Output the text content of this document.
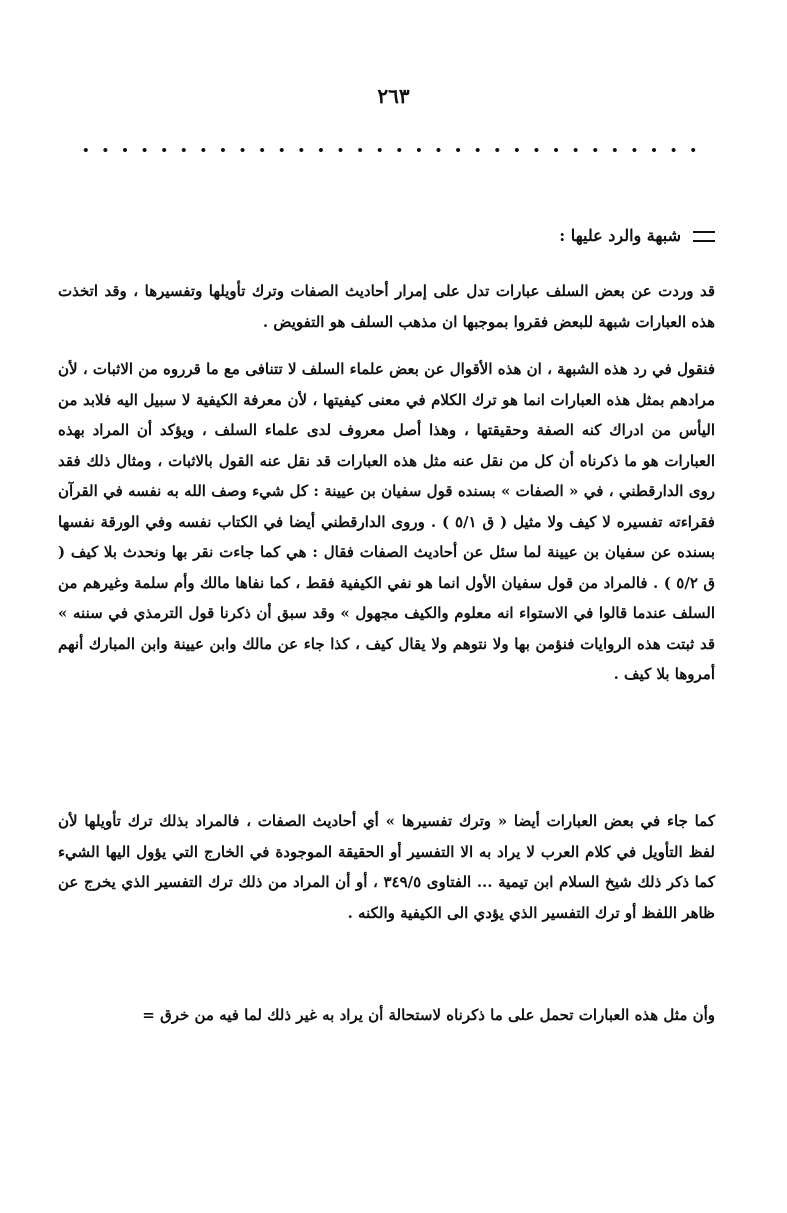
٢٦٣
شبهة والرد عليها :

قد وردت عن بعض السلف عبارات تدل على إمرار أحاديث الصفات وترك تأويلها وتفسيرها ، وقد اتخذت هذه العبارات شبهة للبعض فقروا بموجبها ان مذهب السلف هو التفويض .

فنقول في رد هذه الشبهة ، ان هذه الأقوال عن بعض علماء السلف لا تتنافى مع ما قرروه من الاثبات ، لأن مرادهم بمثل هذه العبارات انما هو ترك الكلام في معنى كيفيتها ، لأن معرفة الكيفية لا سبيل اليه فلابد من اليأس من ادراك كنه الصفة وحقيقتها ، وهذا أصل معروف لدى علماء السلف ، ويؤكد أن المراد بهذه العبارات هو ما ذكرناه أن كل من نقل عنه مثل هذه العبارات قد نقل عنه القول بالاثبات ، ومثال ذلك فقد روى الدارقطني ، في « الصفات » بسنده قول سفيان بن عيينة : كل شيء وصف الله به نفسه في القرآن فقراءته تفسيره لا كيف ولا مثيل ( ق ٥/١ ) . وروى الدارقطني أيضا في الكتاب نفسه وفي الورقة نفسها بسنده عن سفيان بن عيينة لما سئل عن أحاديث الصفات فقال : هي كما جاءت نقر بها ونحدث بلا كيف ( ق ٥/٢ ) . فالمراد من قول سفيان الأول انما هو نفي الكيفية فقط ، كما نفاها مالك وأم سلمة وغيرهم من السلف عندما قالوا في الاستواء انه معلوم والكيف مجهول » وقد سبق أن ذكرنا قول الترمذي في سننه » قد ثبتت هذه الروايات فنؤمن بها ولا نتوهم ولا يقال كيف ، كذا جاء عن مالك وابن عيينة وابن المبارك أنهم أمروها بلا كيف .

كما جاء في بعض العبارات أيضا « وترك تفسيرها » أي أحاديث الصفات ، فالمراد بذلك ترك تأويلها لأن لفظ التأويل في كلام العرب لا يراد به الا التفسير أو الحقيقة الموجودة في الخارج التي يؤول اليها الشيء كما ذكر ذلك شيخ السلام ابن تيمية ... الفتاوى ٣٤٩/٥ ، أو أن المراد من ذلك ترك التفسير الذي يخرج عن ظاهر اللفظ أو ترك التفسير الذي يؤدي الى الكيفية والكنه .

وأن مثل هذه العبارات تحمل على ما ذكرناه لاستحالة أن يراد به غير ذلك لما فيه من خرق =
